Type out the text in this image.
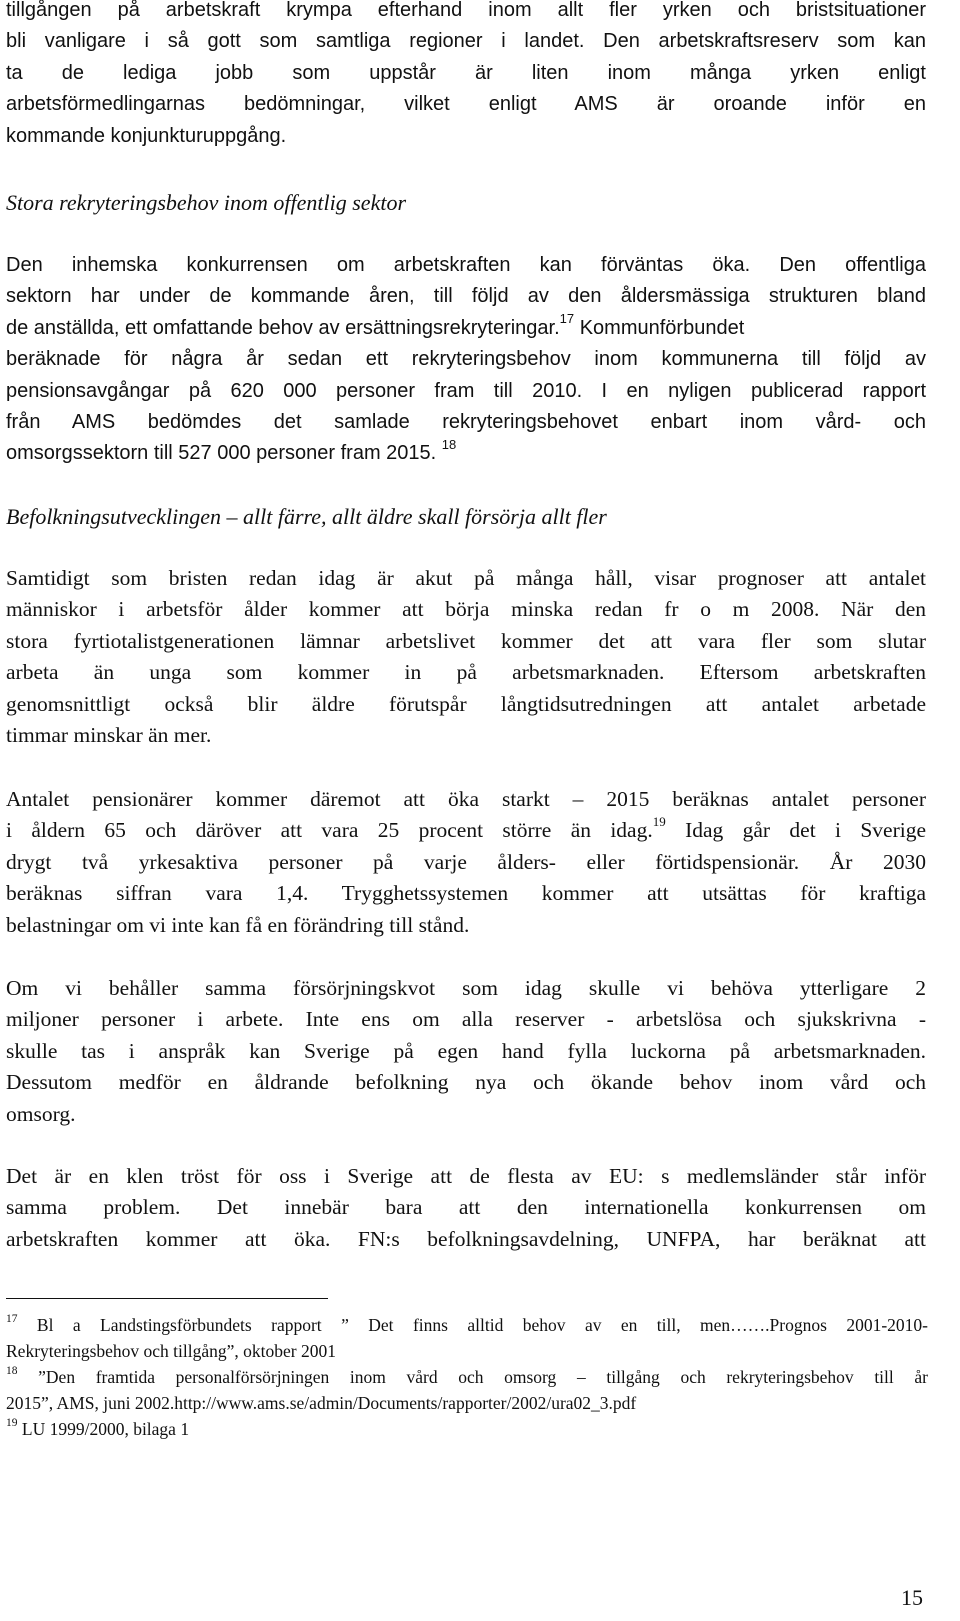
tillgången på arbetskraft krympa efterhand inom allt fler yrken och bristsituationer
bli vanligare i så gott som samtliga regioner i landet. Den arbetskraftsreserv som kan
ta de lediga jobb som uppstår är liten inom många yrken enligt
arbetsförmedlingarnas bedömningar, vilket enligt AMS är oroande inför en
kommande konjunkturuppgång.
Stora rekryteringsbehov inom offentlig sektor
Den inhemska konkurrensen om arbetskraften kan förväntas öka. Den offentliga
sektorn har under de kommande åren, till följd av den åldersmässiga strukturen bland
de anställda, ett omfattande behov av ersättningsrekryteringar.$^{17}$ Kommunförbundet
beräknade för några år sedan ett rekryteringsbehov inom kommunerna till följd av
pensionsavgångar på 620 000 personer fram till 2010. I en nyligen publicerad rapport
från AMS bedömdes det samlade rekryteringsbehovet enbart inom vård- och
omsorgssektorn till 527 000 personer fram 2015. $^{18}$
Befolkningsutvecklingen – allt färre, allt äldre skall försörja allt fler
Samtidigt som bristen redan idag är akut på många håll, visar prognoser att antalet
människor i arbetsför ålder kommer att börja minska redan fr o m 2008. När den
stora fyrtiotalistgenerationen lämnar arbetslivet kommer det att vara fler som slutar
arbeta än unga som kommer in på arbetsmarknaden. Eftersom arbetskraften
genomsnittligt också blir äldre förutspår långtidsutredningen att antalet arbetade
timmar minskar än mer.
Antalet pensionärer kommer däremot att öka starkt – 2015 beräknas antalet personer
i åldern 65 och däröver att vara 25 procent större än idag.$^{19}$ Idag går det i Sverige
drygt två yrkesaktiva personer på varje ålders- eller förtidspensionär. År 2030
beräknas siffran vara 1,4. Trygghetssystemen kommer att utsättas för kraftiga
belastningar om vi inte kan få en förändring till stånd.
Om vi behåller samma försörjningskvot som idag skulle vi behöva ytterligare 2
miljoner personer i arbete. Inte ens om alla reserver - arbetslösa och sjukskrivna -
skulle tas i anspråk kan Sverige på egen hand fylla luckorna på arbetsmarknaden.
Dessutom medför en åldrande befolkning nya och ökande behov inom vård och
omsorg.
Det är en klen tröst för oss i Sverige att de flesta av EU: s medlemsländer står inför
samma problem. Det innebär bara att den internationella konkurrensen om
arbetskraften kommer att öka. FN:s befolkningsavdelning, UNFPA, har beräknat att
$^{17}$ Bl a Landstingsförbundets rapport ” Det finns alltid behov av en till, men…….Prognos 2001-2010-
Rekryteringsbehov och tillgång”, oktober 2001
$^{18}$ ”Den framtida personalförsörjningen inom vård och omsorg – tillgång och rekryteringsbehov till år
2015”, AMS, juni 2002.http://www.ams.se/admin/Documents/rapporter/2002/ura02_3.pdf
$^{19}$ LU 1999/2000, bilaga 1
15
